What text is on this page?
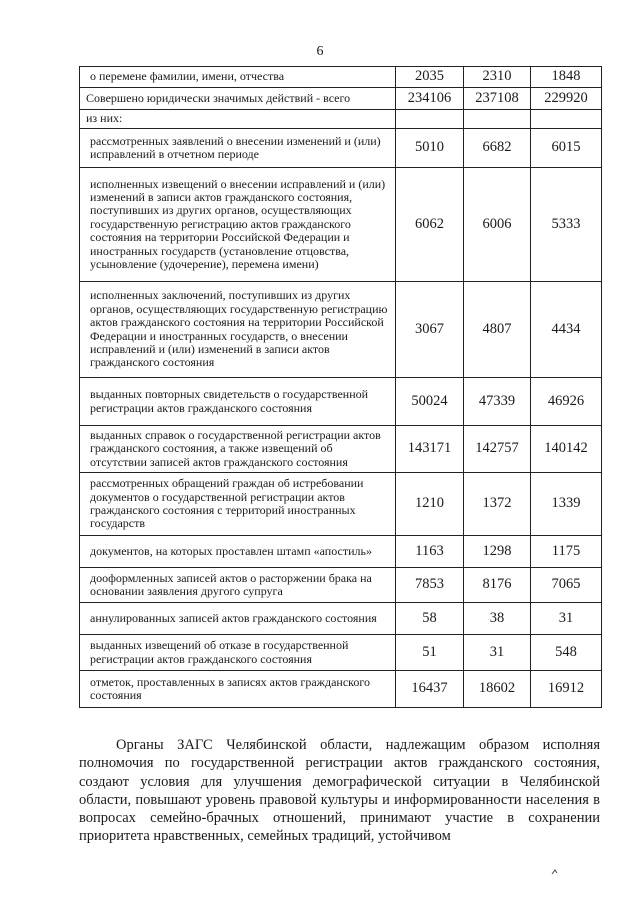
6
о перемене фамилии, имени, отчества	2035	2310	1848
Совершено юридически значимых действий - всего	234106	237108	229920
из них:			
рассмотренных заявлений о внесении изменений и (или) исправлений в отчетном периоде	5010	6682	6015
исполненных извещений о внесении исправлений и (или) изменений в записи актов гражданского состояния, поступивших из других органов, осуществляющих государственную регистрацию актов гражданского состояния на территории Российской Федерации и иностранных государств (установление отцовства, усыновление (удочерение), перемена имени)	6062	6006	5333
исполненных заключений, поступивших из других органов, осуществляющих государственную регистрацию актов гражданского состояния на территории Российской Федерации и иностранных государств, о внесении исправлений и (или) изменений в записи актов гражданского состояния	3067	4807	4434
выданных повторных свидетельств о государственной регистрации актов гражданского состояния	50024	47339	46926
выданных справок о государственной регистрации актов гражданского состояния, а также извещений об отсутствии записей актов гражданского состояния	143171	142757	140142
рассмотренных обращений граждан об истребовании документов о государственной регистрации актов гражданского состояния с территорий иностранных государств	1210	1372	1339
документов, на которых проставлен штамп «апостиль»	1163	1298	1175
дооформленных записей актов о расторжении брака на основании заявления другого супруга	7853	8176	7065
аннулированных записей актов гражданского состояния	58	38	31
выданных извещений об отказе в государственной регистрации актов гражданского состояния	51	31	548
отметок, проставленных в записях актов гражданского состояния	16437	18602	16912

Органы ЗАГС Челябинской области, надлежащим образом исполняя полномочия по государственной регистрации актов гражданского состояния, создают условия для улучшения демографической ситуации в Челябинской области, повышают уровень правовой культуры и информированности населения в вопросах семейно-брачных отношений, принимают участие в сохранении приоритета нравственных, семейных традиций, устойчивом
